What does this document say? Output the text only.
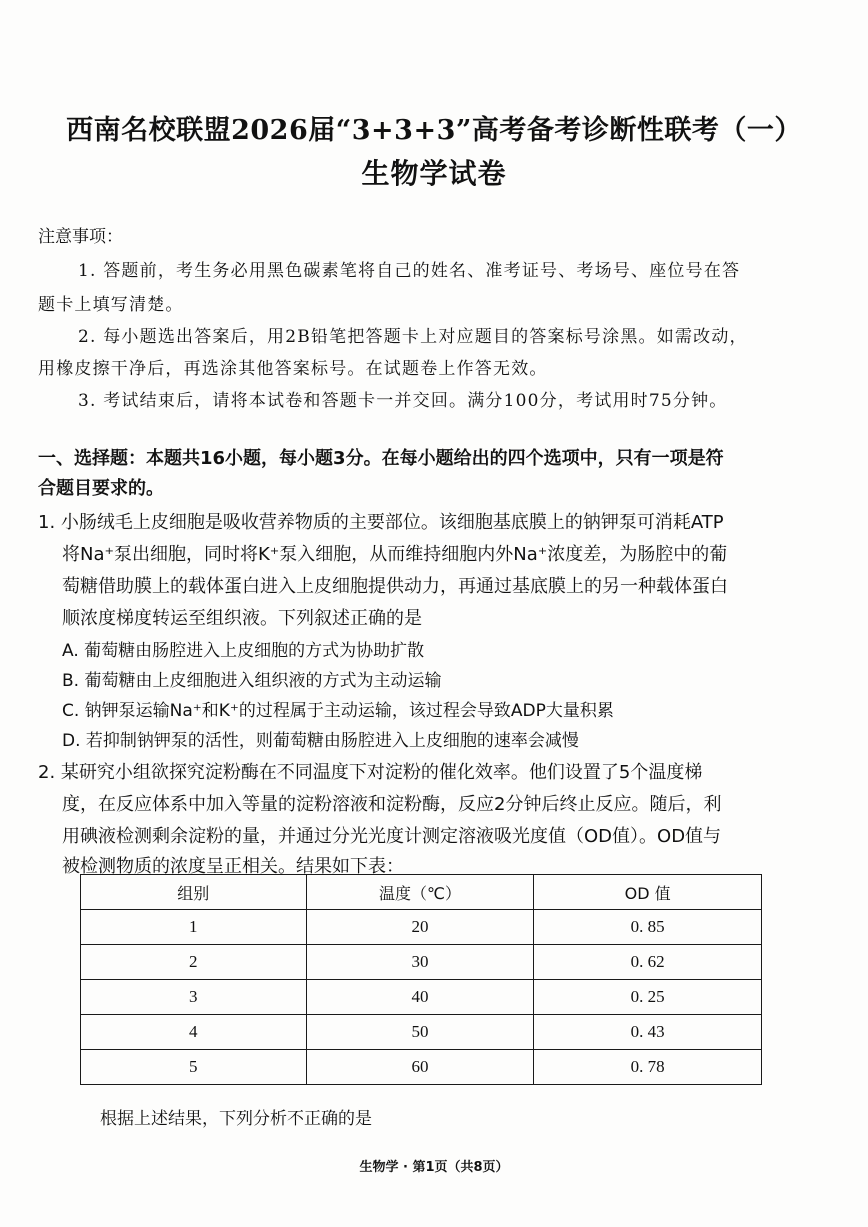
西南名校联盟2026届“3+3+3”高考备考诊断性联考（一）
生物学试卷
注意事项：
1. 答题前，考生务必用黑色碳素笔将自己的姓名、准考证号、考场号、座位号在答
题卡上填写清楚。
2. 每小题选出答案后，用2B铅笔把答题卡上对应题目的答案标号涂黑。如需改动，
用橡皮擦干净后，再选涂其他答案标号。在试题卷上作答无效。
3. 考试结束后，请将本试卷和答题卡一并交回。满分100分，考试用时75分钟。
一、选择题：本题共16小题，每小题3分。在每小题给出的四个选项中，只有一项是符
合题目要求的。
1. 小肠绒毛上皮细胞是吸收营养物质的主要部位。该细胞基底膜上的钠钾泵可消耗ATP
将Na⁺泵出细胞，同时将K⁺泵入细胞，从而维持细胞内外Na⁺浓度差，为肠腔中的葡
萄糖借助膜上的载体蛋白进入上皮细胞提供动力，再通过基底膜上的另一种载体蛋白
顺浓度梯度转运至组织液。下列叙述正确的是
A. 葡萄糖由肠腔进入上皮细胞的方式为协助扩散
B. 葡萄糖由上皮细胞进入组织液的方式为主动运输
C. 钠钾泵运输Na⁺和K⁺的过程属于主动运输，该过程会导致ADP大量积累
D. 若抑制钠钾泵的活性，则葡萄糖由肠腔进入上皮细胞的速率会减慢
2. 某研究小组欲探究淀粉酶在不同温度下对淀粉的催化效率。他们设置了5个温度梯
度，在反应体系中加入等量的淀粉溶液和淀粉酶，反应2分钟后终止反应。随后，利
用碘液检测剩余淀粉的量，并通过分光光度计测定溶液吸光度值（OD值）。OD值与
被检测物质的浓度呈正相关。结果如下表：
组别	温度（℃）	OD 值
1	20	0. 85
2	30	0. 62
3	40	0. 25
4	50	0. 43
5	60	0. 78
根据上述结果，下列分析不正确的是
生物学 · 第1页（共8页）
